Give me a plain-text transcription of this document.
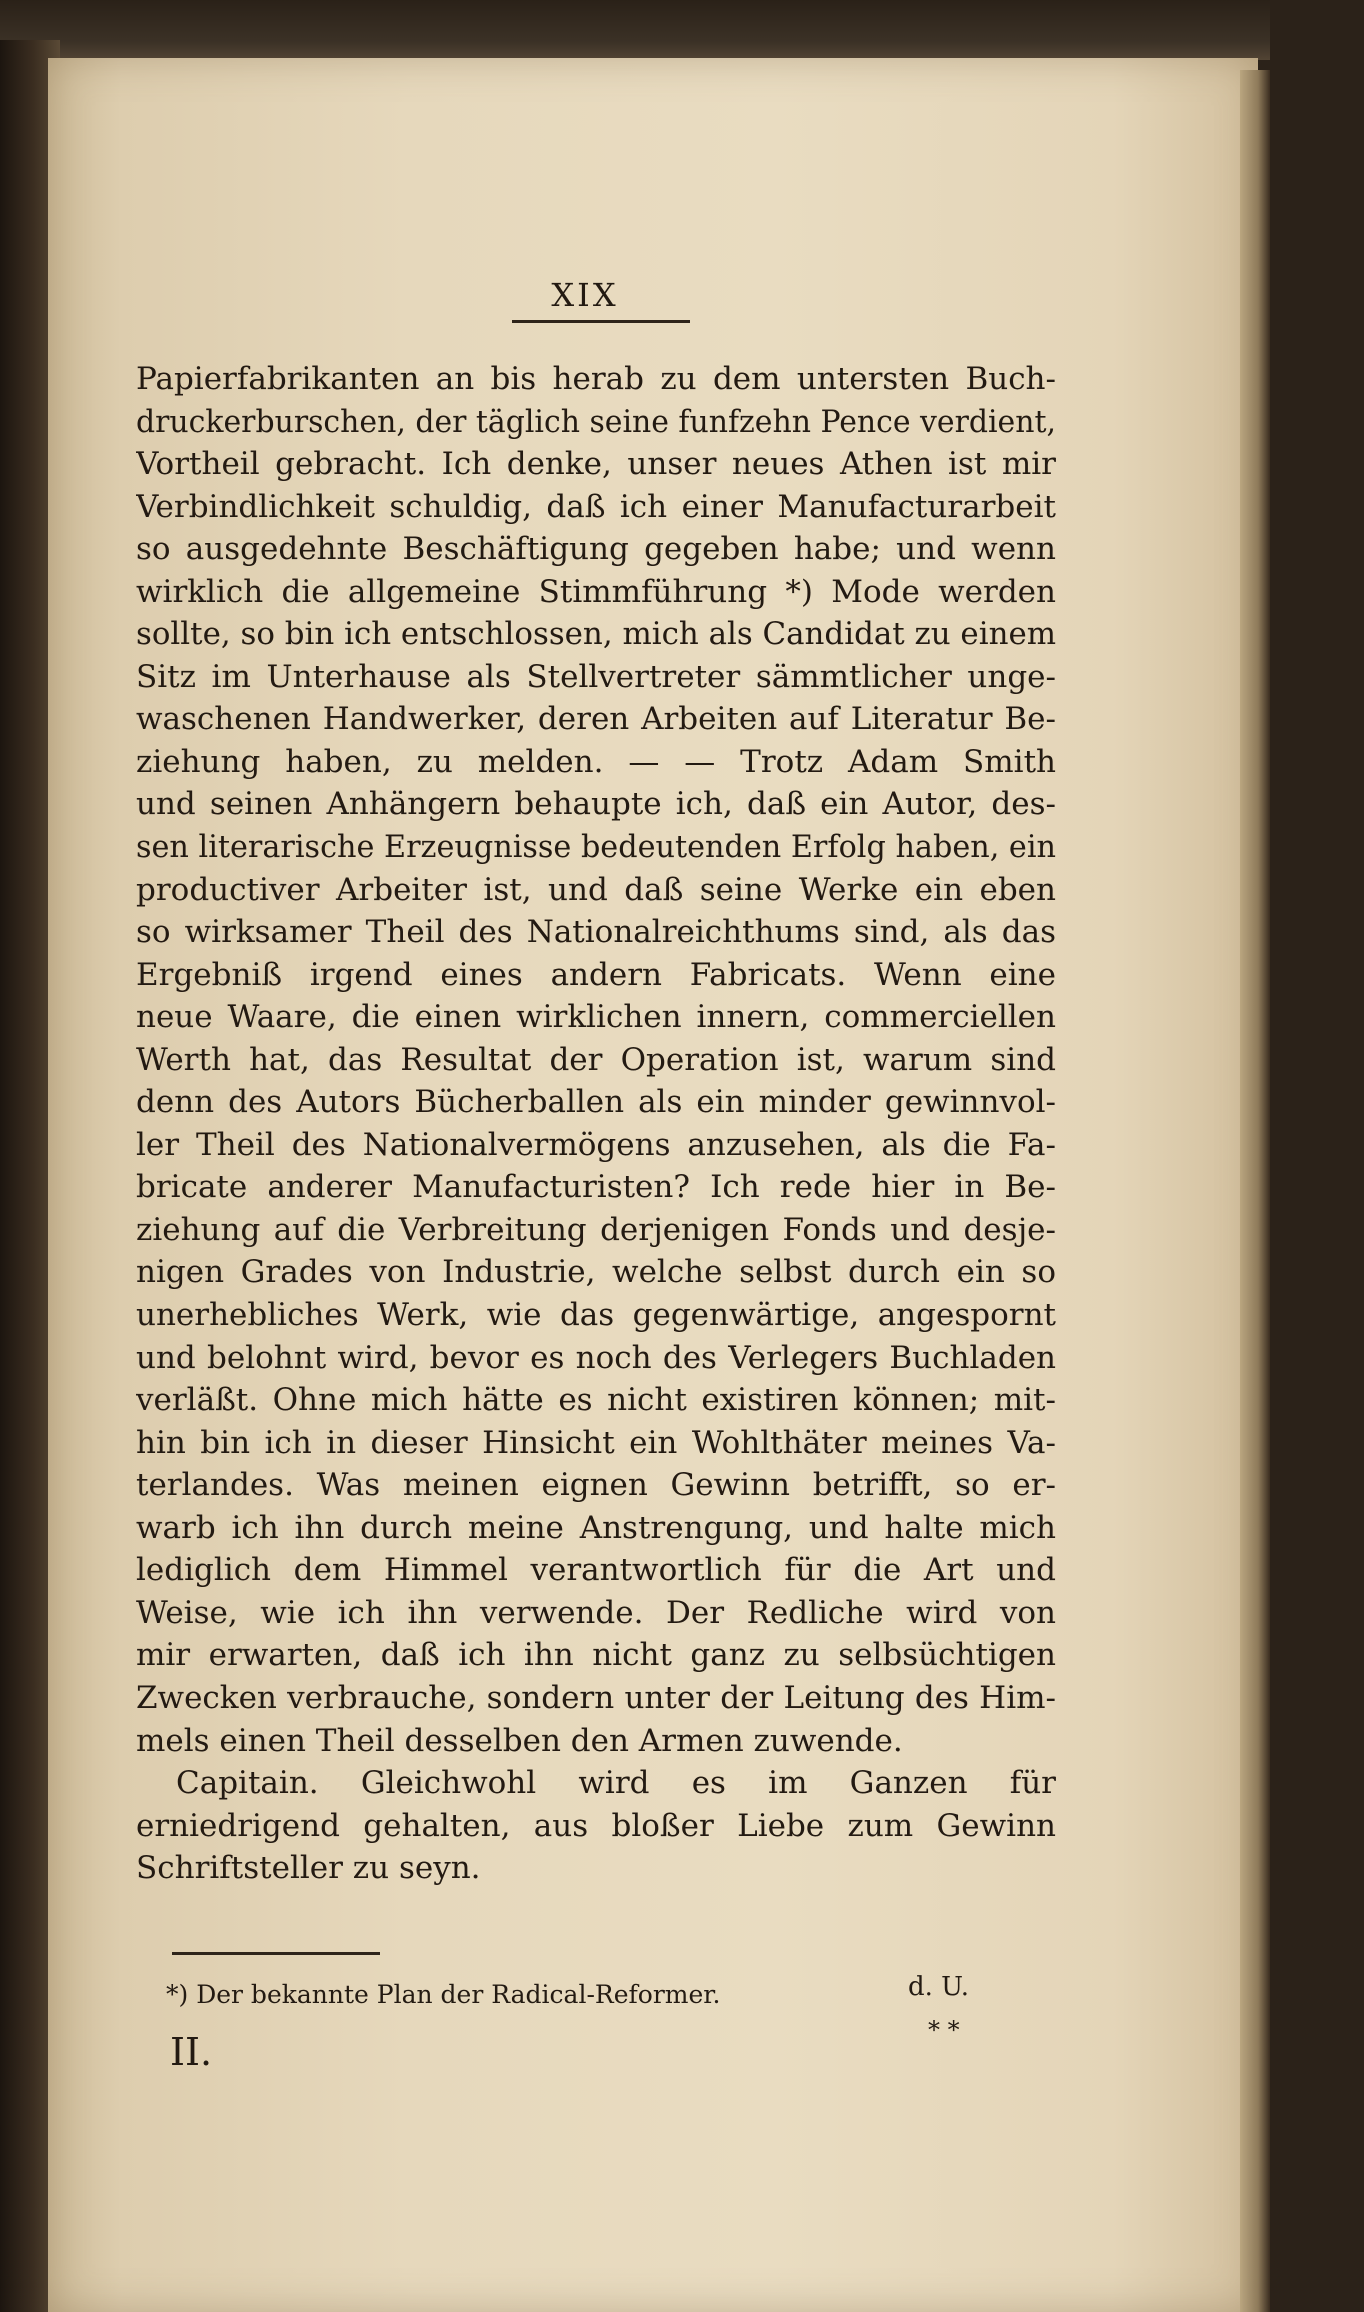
XIX
Papierfabrikanten an bis herab zu dem untersten Buch-
druckerburschen, der täglich seine funfzehn Pence verdient,
Vortheil gebracht. Ich denke, unser neues Athen ist mir
Verbindlichkeit schuldig, daß ich einer Manufacturarbeit
so ausgedehnte Beschäftigung gegeben habe; und wenn
wirklich die allgemeine Stimmführung *) Mode werden
sollte, so bin ich entschlossen, mich als Candidat zu einem
Sitz im Unterhause als Stellvertreter sämmtlicher unge-
waschenen Handwerker, deren Arbeiten auf Literatur Be-
ziehung haben, zu melden. — — Trotz Adam Smith
und seinen Anhängern behaupte ich, daß ein Autor, des-
sen literarische Erzeugnisse bedeutenden Erfolg haben, ein
productiver Arbeiter ist, und daß seine Werke ein eben
so wirksamer Theil des Nationalreichthums sind, als das
Ergebniß irgend eines andern Fabricats. Wenn eine
neue Waare, die einen wirklichen innern, commerciellen
Werth hat, das Resultat der Operation ist, warum sind
denn des Autors Bücherballen als ein minder gewinnvol-
ler Theil des Nationalvermögens anzusehen, als die Fa-
bricate anderer Manufacturisten? Ich rede hier in Be-
ziehung auf die Verbreitung derjenigen Fonds und desje-
nigen Grades von Industrie, welche selbst durch ein so
unerhebliches Werk, wie das gegenwärtige, angespornt
und belohnt wird, bevor es noch des Verlegers Buchladen
verläßt. Ohne mich hätte es nicht existiren können; mit-
hin bin ich in dieser Hinsicht ein Wohlthäter meines Va-
terlandes. Was meinen eignen Gewinn betrifft, so er-
warb ich ihn durch meine Anstrengung, und halte mich
lediglich dem Himmel verantwortlich für die Art und
Weise, wie ich ihn verwende. Der Redliche wird von
mir erwarten, daß ich ihn nicht ganz zu selbsüchtigen
Zwecken verbrauche, sondern unter der Leitung des Him-
mels einen Theil desselben den Armen zuwende.
Capitain. Gleichwohl wird es im Ganzen für
erniedrigend gehalten, aus bloßer Liebe zum Gewinn
Schriftsteller zu seyn.
*) Der bekannte Plan der Radical-Reformer.	d. U.
II.	* *
